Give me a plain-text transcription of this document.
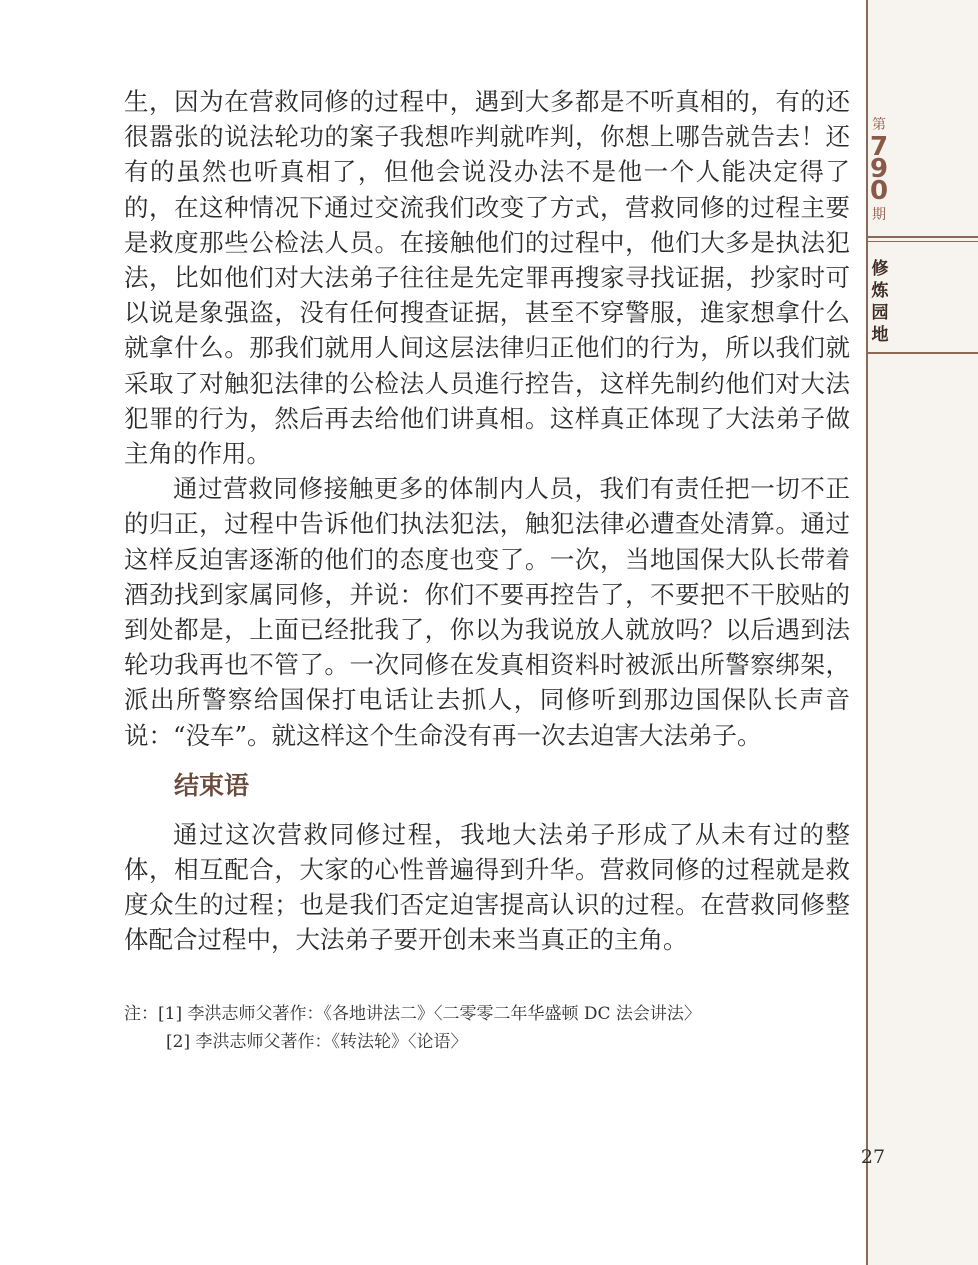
第
7
9
0
期
修炼园地

生，因为在营救同修的过程中，遇到大多都是不听真相的，有的还很嚣张的说法轮功的案子我想咋判就咋判，你想上哪告就告去！还有的虽然也听真相了，但他会说没办法不是他一个人能决定得了的，在这种情况下通过交流我们改变了方式，营救同修的过程主要是救度那些公检法人员。在接触他们的过程中，他们大多是执法犯法，比如他们对大法弟子往往是先定罪再搜家寻找证据，抄家时可以说是象强盗，没有任何搜查证据，甚至不穿警服，進家想拿什么就拿什么。那我们就用人间这层法律归正他们的行为，所以我们就采取了对触犯法律的公检法人员進行控告，这样先制约他们对大法犯罪的行为，然后再去给他们讲真相。这样真正体现了大法弟子做主角的作用。

通过营救同修接触更多的体制内人员，我们有责任把一切不正的归正，过程中告诉他们执法犯法，触犯法律必遭查处清算。通过这样反迫害逐渐的他们的态度也变了。一次，当地国保大队长带着酒劲找到家属同修，并说：你们不要再控告了，不要把不干胶贴的到处都是，上面已经批我了，你以为我说放人就放吗？以后遇到法轮功我再也不管了。一次同修在发真相资料时被派出所警察绑架，派出所警察给国保打电话让去抓人，同修听到那边国保队长声音说：“没车”。就这样这个生命没有再一次去迫害大法弟子。

结束语

通过这次营救同修过程，我地大法弟子形成了从未有过的整体，相互配合，大家的心性普遍得到升华。营救同修的过程就是救度众生的过程；也是我们否定迫害提高认识的过程。在营救同修整体配合过程中，大法弟子要开创未来当真正的主角。

注：[1] 李洪志师父著作：《各地讲法二》〈二零零二年华盛顿 DC 法会讲法〉
[2] 李洪志师父著作：《转法轮》〈论语〉
27
